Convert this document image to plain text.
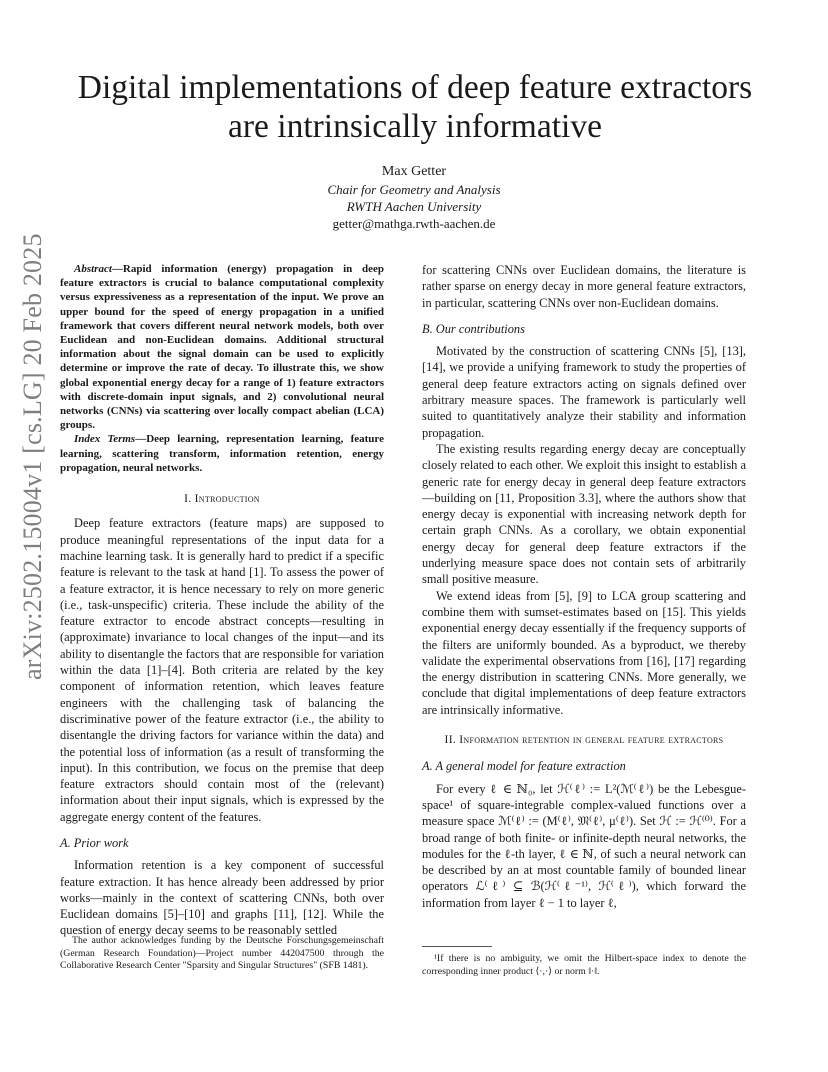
arXiv:2502.15004v1 [cs.LG] 20 Feb 2025
Digital implementations of deep feature extractors are intrinsically informative
Max Getter
Chair for Geometry and Analysis
RWTH Aachen University
getter@mathga.rwth-aachen.de

Abstract—Rapid information (energy) propagation in deep feature extractors is crucial to balance computational complexity versus expressiveness as a representation of the input. We prove an upper bound for the speed of energy propagation in a unified framework that covers different neural network models, both over Euclidean and non-Euclidean domains. Additional structural information about the signal domain can be used to explicitly determine or improve the rate of decay. To illustrate this, we show global exponential energy decay for a range of 1) feature extractors with discrete-domain input signals, and 2) convolutional neural networks (CNNs) via scattering over locally compact abelian (LCA) groups.

Index Terms—Deep learning, representation learning, feature learning, scattering transform, information retention, energy propagation, neural networks.

I. Introduction

Deep feature extractors (feature maps) are supposed to produce meaningful representations of the input data for a machine learning task. It is generally hard to predict if a specific feature is relevant to the task at hand [1]. To assess the power of a feature extractor, it is hence necessary to rely on more generic (i.e., task-unspecific) criteria. These include the ability of the feature extractor to encode abstract concepts—resulting in (approximate) invariance to local changes of the input—and its ability to disentangle the factors that are responsible for variation within the data [1]–[4]. Both criteria are related by the key component of information retention, which leaves feature engineers with the challenging task of balancing the discriminative power of the feature extractor (i.e., the ability to disentangle the driving factors for variance within the data) and the potential loss of information (as a result of transforming the input). In this contribution, we focus on the premise that deep feature extractors should contain most of the (relevant) information about their input signals, which is expressed by the aggregate energy content of the features.

A. Prior work

Information retention is a key component of successful feature extraction. It has hence already been addressed by prior works—mainly in the context of scattering CNNs, both over Euclidean domains [5]–[10] and graphs [11], [12]. While the question of energy decay seems to be reasonably settled

The author acknowledges funding by the Deutsche Forschungsgemeinschaft (German Research Foundation)—Project number 442047500 through the Collaborative Research Center "Sparsity and Singular Structures" (SFB 1481).

for scattering CNNs over Euclidean domains, the literature is rather sparse on energy decay in more general feature extractors, in particular, scattering CNNs over non-Euclidean domains.

B. Our contributions

Motivated by the construction of scattering CNNs [5], [13], [14], we provide a unifying framework to study the properties of general deep feature extractors acting on signals defined over arbitrary measure spaces. The framework is particularly well suited to quantitatively analyze their stability and information propagation.

The existing results regarding energy decay are conceptually closely related to each other. We exploit this insight to establish a generic rate for energy decay in general deep feature extractors—building on [11, Proposition 3.3], where the authors show that energy decay is exponential with increasing network depth for certain graph CNNs. As a corollary, we obtain exponential energy decay for general deep feature extractors if the underlying measure space does not contain sets of arbitrarily small positive measure.

We extend ideas from [5], [9] to LCA group scattering and combine them with sumset-estimates based on [15]. This yields exponential energy decay essentially if the frequency supports of the filters are uniformly bounded. As a byproduct, we thereby validate the experimental observations from [16], [17] regarding the energy distribution in scattering CNNs. More generally, we conclude that digital implementations of deep feature extractors are intrinsically informative.

II. Information retention in general feature extractors
A. A general model for feature extraction

For every ℓ ∈ ℕ₀, let ℋ⁽ℓ⁾ := L²(ℳ⁽ℓ⁾) be the Lebesgue-space¹ of square-integrable complex-valued functions over a measure space ℳ⁽ℓ⁾ := (M⁽ℓ⁾, 𝔐⁽ℓ⁾, μ⁽ℓ⁾). Set ℋ := ℋ⁽⁰⁾. For a broad range of both finite- or infinite-depth neural networks, the modules for the ℓ-th layer, ℓ ∈ ℕ, of such a neural network can be described by an at most countable family of bounded linear operators ℒ⁽ℓ⁾ ⊆ ℬ(ℋ⁽ℓ⁻¹⁾, ℋ⁽ℓ⁾), which forward the information from layer ℓ − 1 to layer ℓ,

¹If there is no ambiguity, we omit the Hilbert-space index to denote the corresponding inner product ⟨·,·⟩ or norm ‖·‖.
